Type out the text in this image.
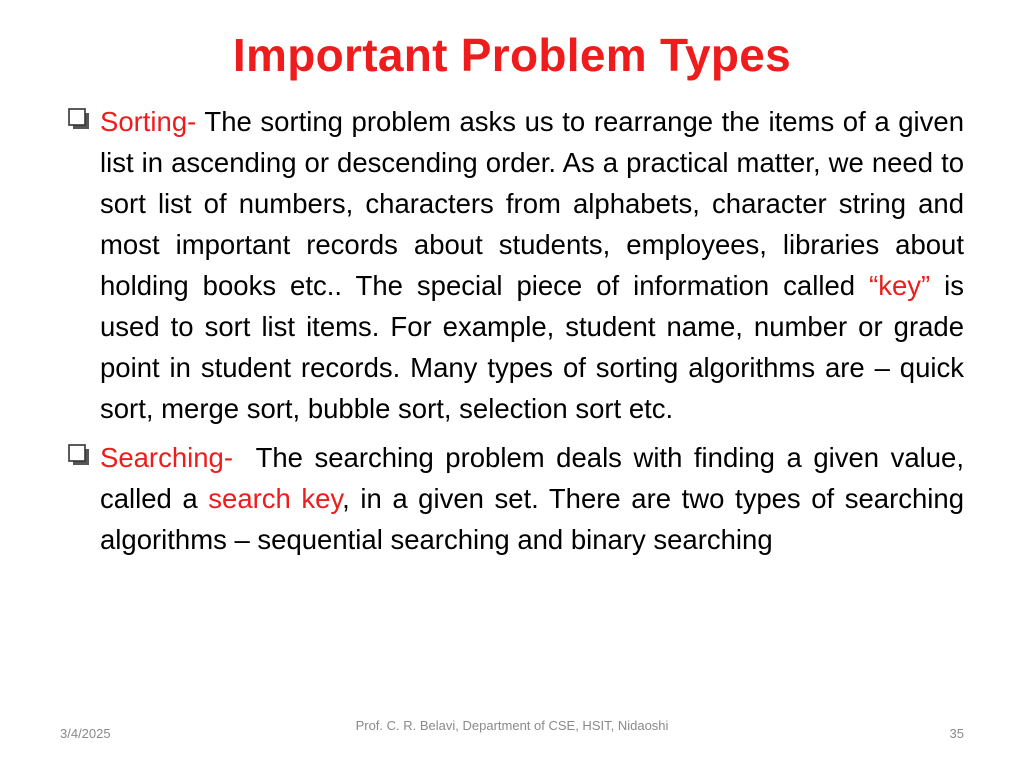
Important Problem Types
Sorting- The sorting problem asks us to rearrange the items of a given list in ascending or descending order. As a practical matter, we need to sort list of numbers, characters from alphabets, character string and most important records about students, employees, libraries about holding books etc.. The special piece of information called “key” is used to sort list items. For example, student name, number or grade point in student records. Many types of sorting algorithms are – quick sort, merge sort, bubble sort, selection sort etc.
Searching-  The searching problem deals with finding a given value, called a search key, in a given set. There are two types of searching algorithms – sequential searching and binary searching
3/4/2025
Prof. C. R. Belavi, Department of CSE, HSIT, Nidaoshi
35
